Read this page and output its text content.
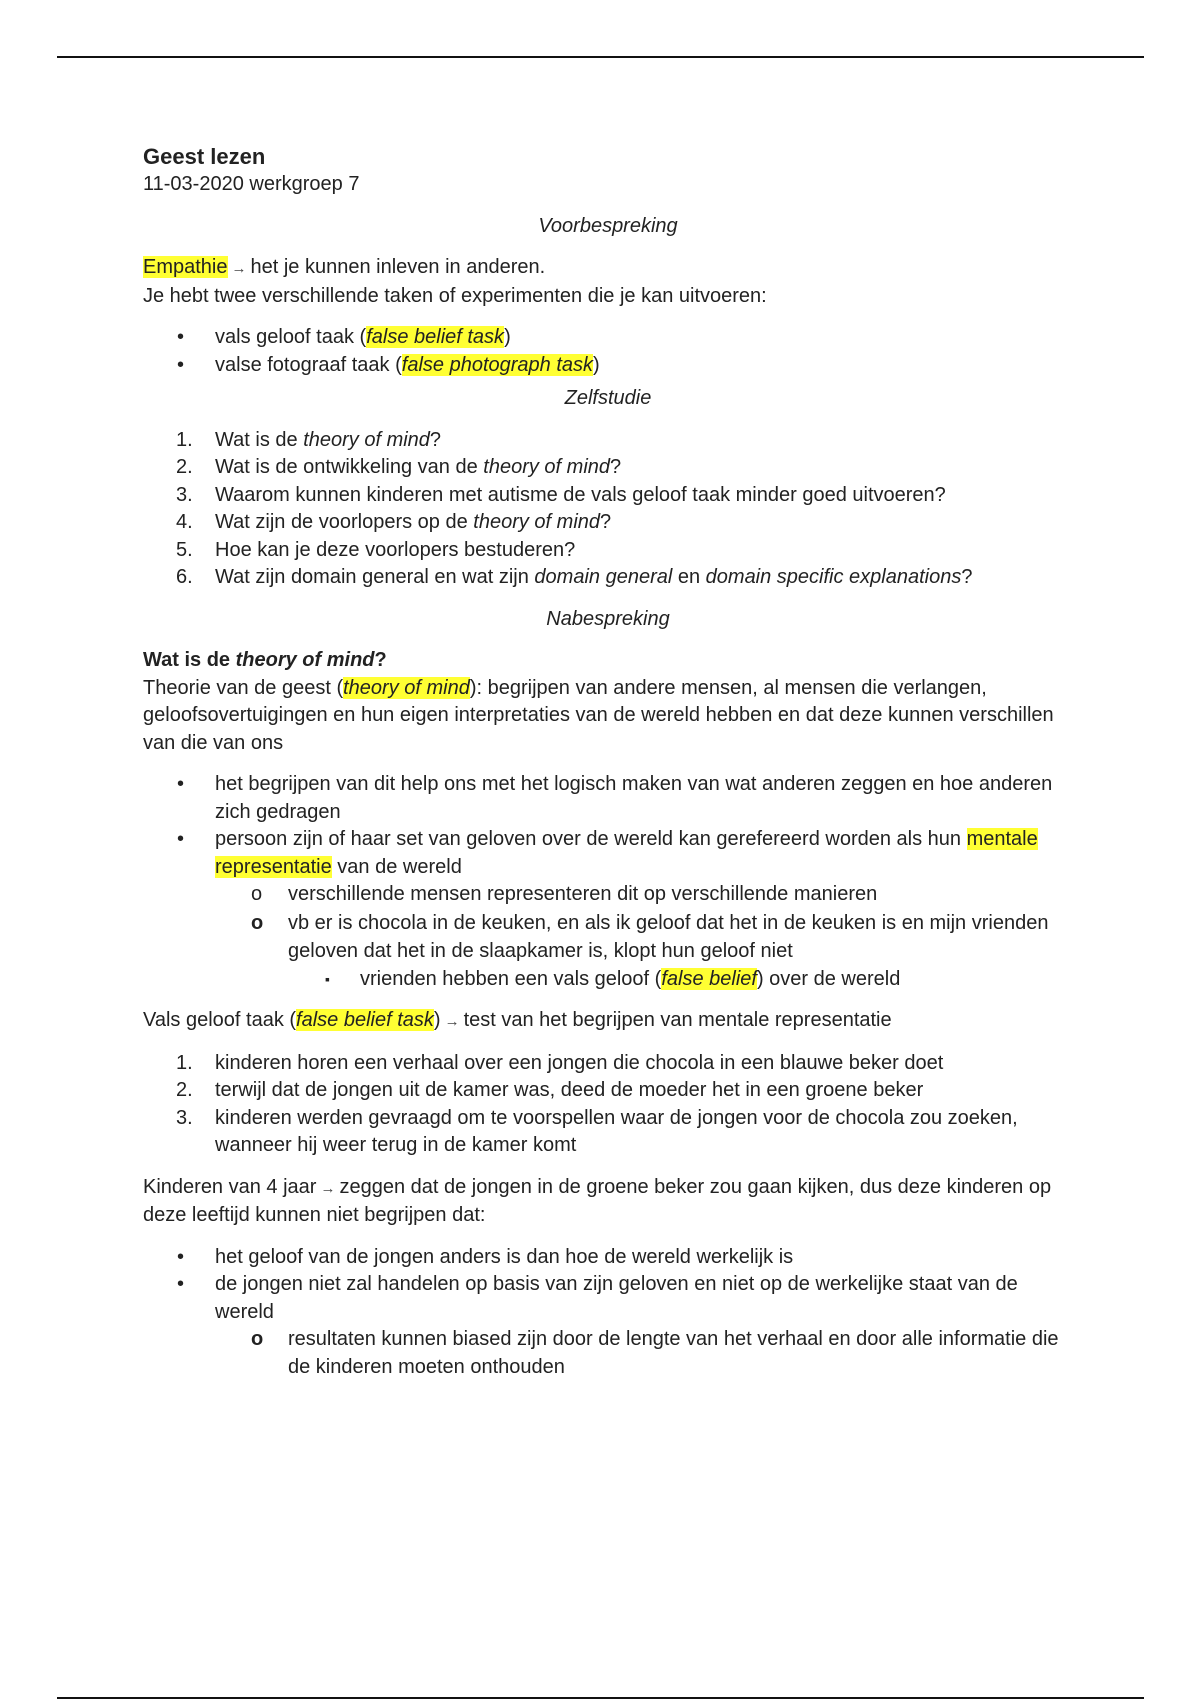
Geest lezen

11-03-2020 werkgroep 7

Voorbespreking

Empathie → het je kunnen inleven in anderen.

Je hebt twee verschillende taken of experimenten die je kan uitvoeren:

•	vals geloof taak (false belief task)
•	valse fotograaf taak (false photograph task)

Zelfstudie

1.	Wat is de theory of mind?
2.	Wat is de ontwikkeling van de theory of mind?
3.	Waarom kunnen kinderen met autisme de vals geloof taak minder goed uitvoeren?
4.	Wat zijn de voorlopers op de theory of mind?
5.	Hoe kan je deze voorlopers bestuderen?
6.	Wat zijn domain general en wat zijn domain general en domain specific explanations?

Nabespreking

Wat is de theory of mind?

Theorie van de geest (theory of mind): begrijpen van andere mensen, al mensen die verlangen, geloofsovertuigingen en hun eigen interpretaties van de wereld hebben en dat deze kunnen verschillen van die van ons

•	het begrijpen van dit help ons met het logisch maken van wat anderen zeggen en hoe anderen zich gedragen
•	persoon zijn of haar set van geloven over de wereld kan gerefereerd worden als hun mentale representatie van de wereld
o verschillende mensen representeren dit op verschillende manieren
o vb er is chocola in de keuken, en als ik geloof dat het in de keuken is en mijn vrienden geloven dat het in de slaapkamer is, klopt hun geloof niet
▪ vrienden hebben een vals geloof (false belief) over de wereld

Vals geloof taak (false belief task) → test van het begrijpen van mentale representatie

1.	kinderen horen een verhaal over een jongen die chocola in een blauwe beker doet
2.	terwijl dat de jongen uit de kamer was, deed de moeder het in een groene beker
3.	kinderen werden gevraagd om te voorspellen waar de jongen voor de chocola zou zoeken, wanneer hij weer terug in de kamer komt

Kinderen van 4 jaar → zeggen dat de jongen in de groene beker zou gaan kijken, dus deze kinderen op deze leeftijd kunnen niet begrijpen dat:

•	het geloof van de jongen anders is dan hoe de wereld werkelijk is
•	de jongen niet zal handelen op basis van zijn geloven en niet op de werkelijke staat van de wereld
o resultaten kunnen biased zijn door de lengte van het verhaal en door alle informatie die de kinderen moeten onthouden
